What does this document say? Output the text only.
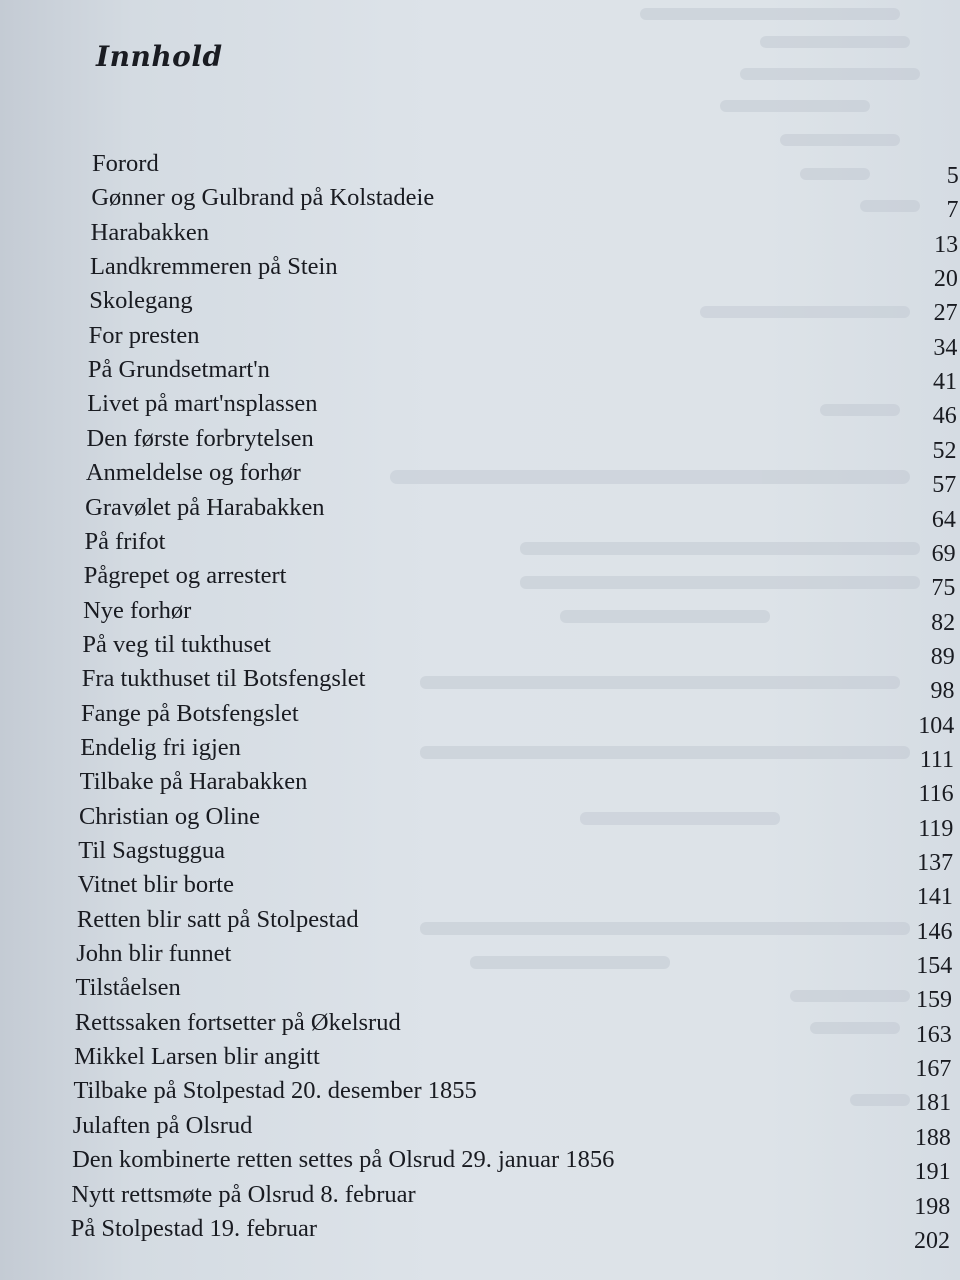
Innhold
Forord
Gønner og Gulbrand på Kolstadeie
5
Harabakken
7
Landkremmeren på Stein
13
Skolegang
20
For presten
27
På Grundsetmart'n
34
Livet på mart'nsplassen
41
Den første forbrytelsen
46
Anmeldelse og forhør
52
Gravølet på Harabakken
57
På frifot
64
Pågrepet og arrestert
69
Nye forhør
75
På veg til tukthuset
82
Fra tukthuset til Botsfengslet
89
Fange på Botsfengslet
98
Endelig fri igjen
104
Tilbake på Harabakken
111
Christian og Oline
116
Til Sagstuggua
119
Vitnet blir borte
137
Retten blir satt på Stolpestad
141
John blir funnet
146
Tilståelsen
154
Rettssaken fortsetter på Økelsrud
159
Mikkel Larsen blir angitt
163
Tilbake på Stolpestad 20. desember 1855
167
Julaften på Olsrud
181
Den kombinerte retten settes på Olsrud 29. januar 1856
188
Nytt rettsmøte på Olsrud 8. februar
191
På Stolpestad 19. februar
198
202
